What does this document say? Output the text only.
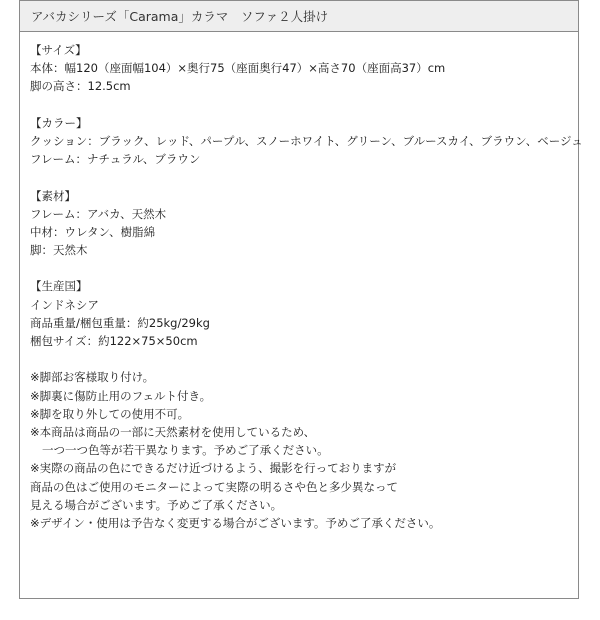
アバカシリーズ「Carama」カラマ　ソファ２人掛け
【サイズ】
本体：幅120（座面幅104）×奥行75（座面奥行47）×高さ70（座面高37）cm
脚の高さ：12.5cm
【カラー】
クッション：ブラック、レッド、パープル、スノーホワイト、グリーン、ブルースカイ、ブラウン、ベージュ
フレーム：ナチュラル、ブラウン
【素材】
フレーム：アバカ、天然木
中材：ウレタン、樹脂綿
脚：天然木
【生産国】
インドネシア
商品重量/梱包重量：約25kg/29kg
梱包サイズ：約122×75×50cm
※脚部お客様取り付け。
※脚裏に傷防止用のフェルト付き。
※脚を取り外しての使用不可。
※本商品は商品の一部に天然素材を使用しているため、
一つ一つ色等が若干異なります。予めご了承ください。
※実際の商品の色にできるだけ近づけるよう、撮影を行っておりますが
商品の色はご使用のモニターによって実際の明るさや色と多少異なって
見える場合がございます。予めご了承ください。
※デザイン・使用は予告なく変更する場合がございます。予めご了承ください。
